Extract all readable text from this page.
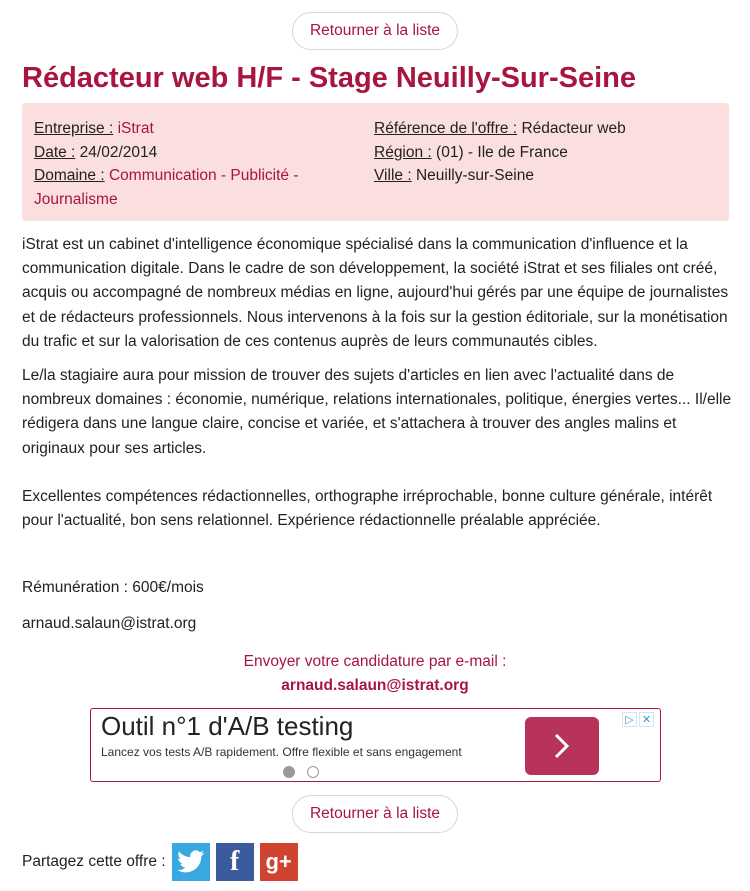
Retourner à la liste
Rédacteur web H/F - Stage Neuilly-Sur-Seine
Entreprise : iStrat
Date : 24/02/2014
Domaine : Communication - Publicité - Journalisme
Référence de l'offre : Rédacteur web
Région : (01) - Ile de France
Ville : Neuilly-sur-Seine

iStrat est un cabinet d'intelligence économique spécialisé dans la communication d'influence et la communication digitale. Dans le cadre de son développement, la société iStrat et ses filiales ont créé, acquis ou accompagné de nombreux médias en ligne, aujourd'hui gérés par une équipe de journalistes et de rédacteurs professionnels. Nous intervenons à la fois sur la gestion éditoriale, sur la monétisation du trafic et sur la valorisation de ces contenus auprès de leurs communautés cibles.

Le/la stagiaire aura pour mission de trouver des sujets d'articles en lien avec l'actualité dans de nombreux domaines : économie, numérique, relations internationales, politique, énergies vertes... Il/elle rédigera dans une langue claire, concise et variée, et s'attachera à trouver des angles malins et originaux pour ses articles.

Excellentes compétences rédactionnelles, orthographe irréprochable, bonne culture générale, intérêt pour l'actualité, bon sens relationnel. Expérience rédactionnelle préalable appréciée.

Rémunération : 600€/mois
arnaud.salaun@istrat.org
Envoyer votre candidature par e-mail :
arnaud.salaun@istrat.org
Outil n°1 d'A/B testing
Lancez vos tests A/B rapidement. Offre flexible et sans engagement
▷ ✕
Retourner à la liste
Partagez cette offre :	f	g+
